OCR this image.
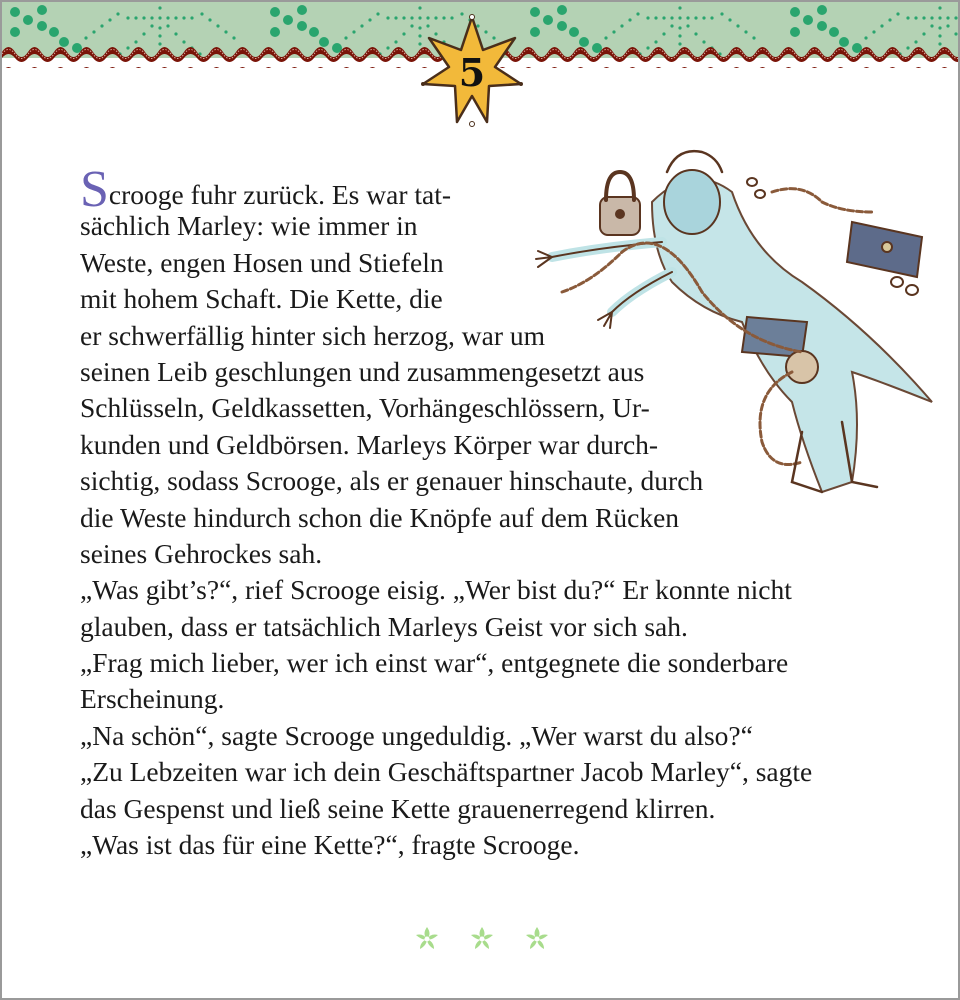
5
Scrooge fuhr zurück. Es war tat-
sächlich Marley: wie immer in
Weste, engen Hosen und Stiefeln
mit hohem Schaft. Die Kette, die
er schwerfällig hinter sich herzog, war um
seinen Leib geschlungen und zusammengesetzt aus
Schlüsseln, Geldkassetten, Vorhängeschlössern, Ur-
kunden und Geldbörsen. Marleys Körper war durch-
sichtig, sodass Scrooge, als er genauer hinschaute, durch
die Weste hindurch schon die Knöpfe auf dem Rücken
seines Gehrockes sah.
„Was gibt’s?“, rief Scrooge eisig. „Wer bist du?“ Er konnte nicht
glauben, dass er tatsächlich Marleys Geist vor sich sah.
„Frag mich lieber, wer ich einst war“, entgegnete die sonderbare
Erscheinung.
„Na schön“, sagte Scrooge ungeduldig. „Wer warst du also?“
„Zu Lebzeiten war ich dein Geschäftspartner Jacob Marley“, sagte
das Gespenst und ließ seine Kette grauenerregend klirren.
„Was ist das für eine Kette?“, fragte Scrooge.
